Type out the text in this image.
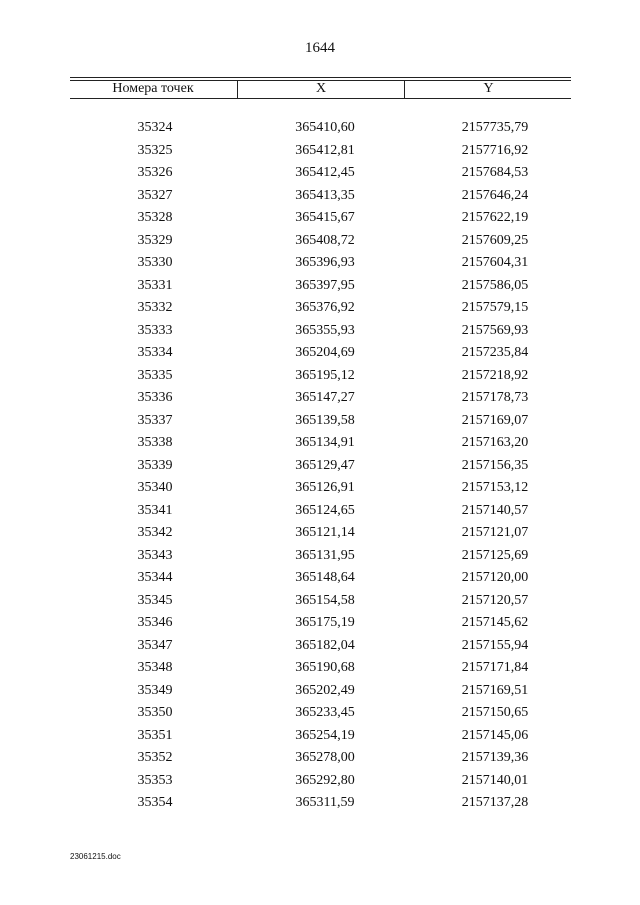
1644
Номера точек	X	Y
35324	365410,60	2157735,79
35325	365412,81	2157716,92
35326	365412,45	2157684,53
35327	365413,35	2157646,24
35328	365415,67	2157622,19
35329	365408,72	2157609,25
35330	365396,93	2157604,31
35331	365397,95	2157586,05
35332	365376,92	2157579,15
35333	365355,93	2157569,93
35334	365204,69	2157235,84
35335	365195,12	2157218,92
35336	365147,27	2157178,73
35337	365139,58	2157169,07
35338	365134,91	2157163,20
35339	365129,47	2157156,35
35340	365126,91	2157153,12
35341	365124,65	2157140,57
35342	365121,14	2157121,07
35343	365131,95	2157125,69
35344	365148,64	2157120,00
35345	365154,58	2157120,57
35346	365175,19	2157145,62
35347	365182,04	2157155,94
35348	365190,68	2157171,84
35349	365202,49	2157169,51
35350	365233,45	2157150,65
35351	365254,19	2157145,06
35352	365278,00	2157139,36
35353	365292,80	2157140,01
35354	365311,59	2157137,28
23061215.doc
